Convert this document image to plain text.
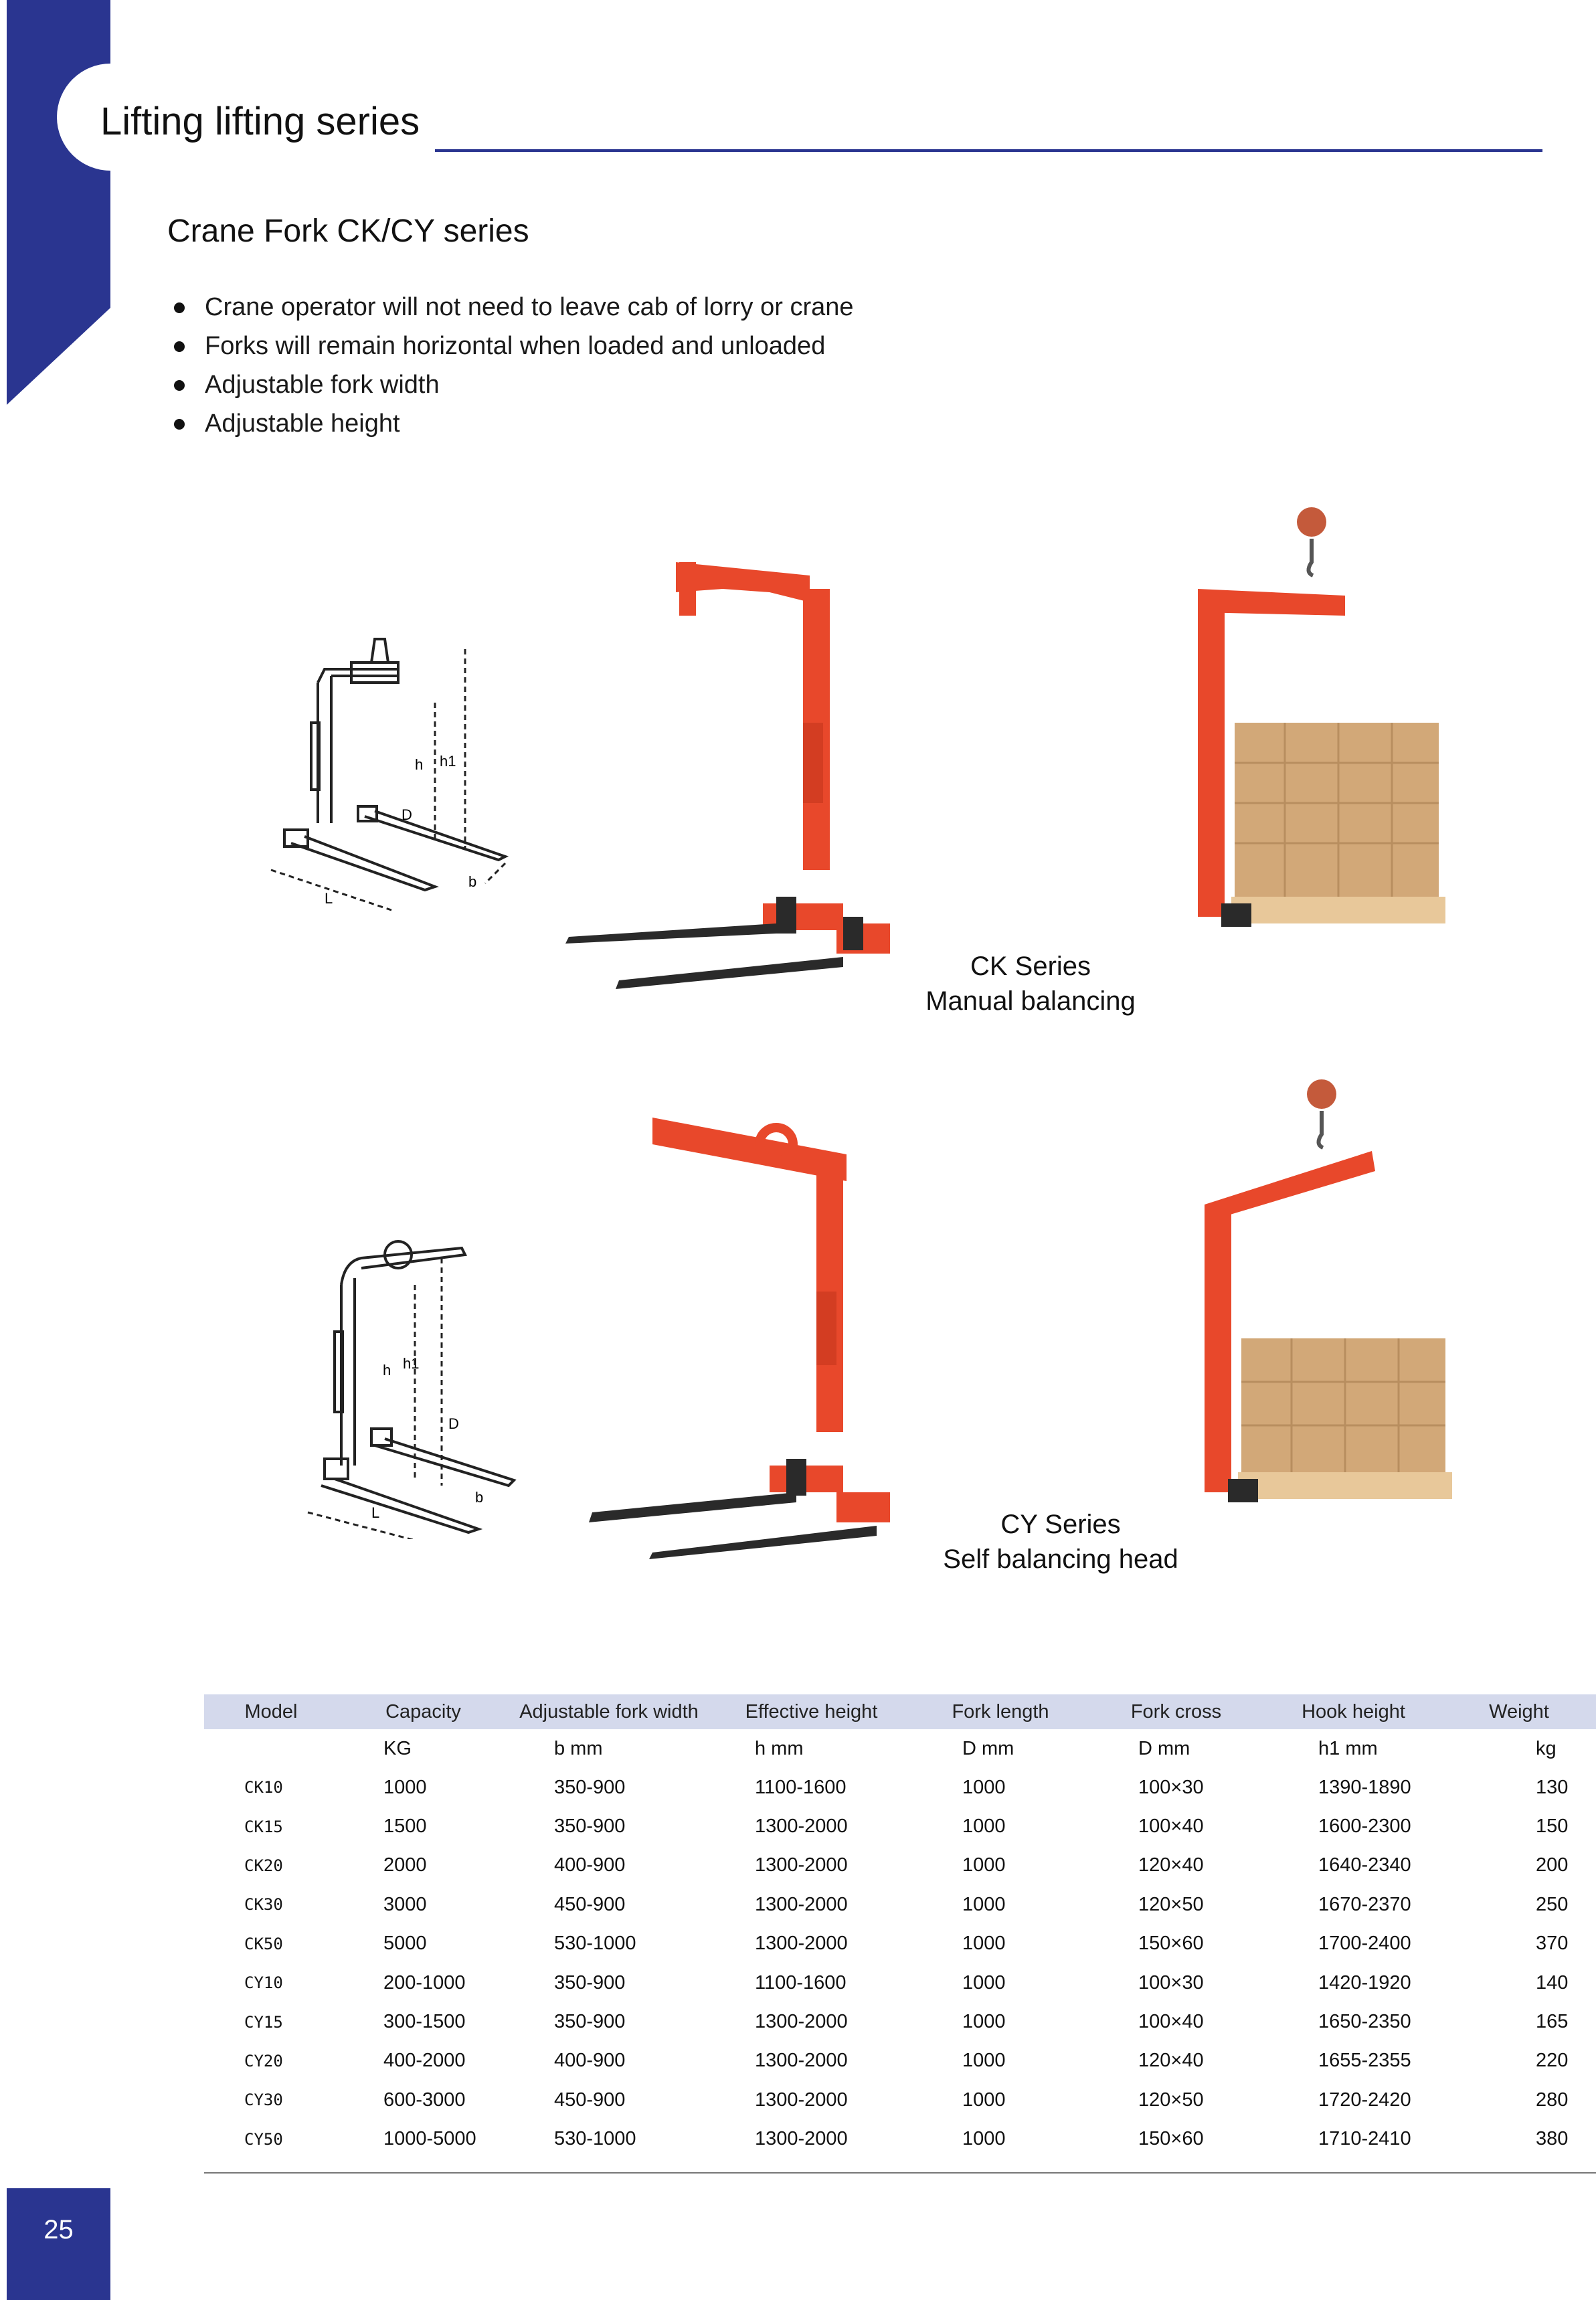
Lifting lifting series
Crane Fork CK/CY series
Crane operator will not need to leave cab of lorry or crane
Forks will remain horizontal when loaded and unloaded
Adjustable fork width
Adjustable height
h h1
D
b
L
CK Series
Manual balancing
h h1
D
b
L	CY Series
Self balancing head
Model	Capacity	Adjustable fork width	Effective height	Fork length	Fork cross	Hook height	Weight
	KG	b mm	h mm	D mm	D mm	h1 mm	kg
CK10	1000	350-900	1100-1600	1000	100×30	1390-1890	130
CK15	1500	350-900	1300-2000	1000	100×40	1600-2300	150
CK20	2000	400-900	1300-2000	1000	120×40	1640-2340	200
CK30	3000	450-900	1300-2000	1000	120×50	1670-2370	250
CK50	5000	530-1000	1300-2000	1000	150×60	1700-2400	370
CY10	200-1000	350-900	1100-1600	1000	100×30	1420-1920	140
CY15	300-1500	350-900	1300-2000	1000	100×40	1650-2350	165
CY20	400-2000	400-900	1300-2000	1000	120×40	1655-2355	220
CY30	600-3000	450-900	1300-2000	1000	120×50	1720-2420	280
CY50	1000-5000	530-1000	1300-2000	1000	150×60	1710-2410	380
25
